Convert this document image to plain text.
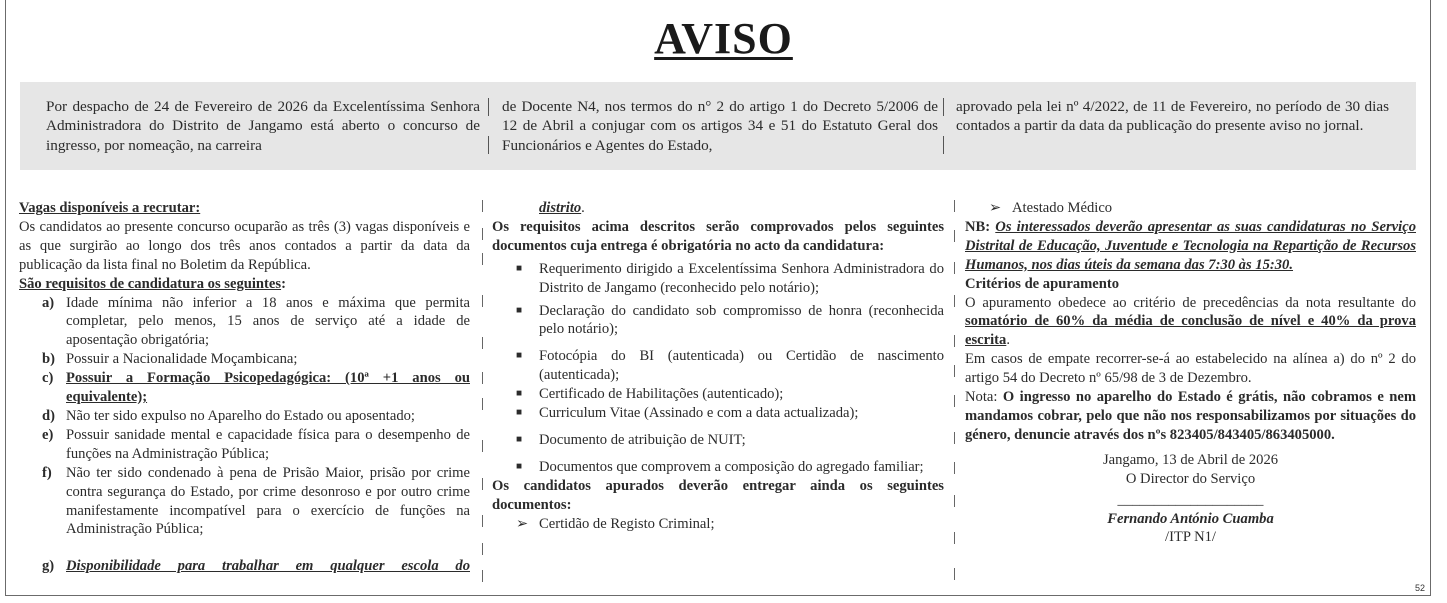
AVISO
Por despacho de 24 de Fevereiro de 2026 da Excelentíssima Senhora Administradora do Distrito de Jangamo está aberto o concurso de ingresso, por nomeação, na carreira
de Docente N4, nos termos do n° 2 do artigo 1 do Decreto 5/2006 de 12 de Abril a conjugar com os artigos 34 e 51 do Estatuto Geral dos Funcionários e Agentes do Estado,
aprovado pela lei nº 4/2022, de 11 de Fevereiro, no período de 30 dias contados a partir da data da publicação do presente aviso no jornal.
Vagas disponíveis a recrutar:
Os candidatos ao presente concurso ocuparão as três (3) vagas disponíveis e as que surgirão ao longo dos três anos contados a partir da data da publicação da lista final no Boletim da República.
São requisitos de candidatura os seguintes:
a) Idade mínima não inferior a 18 anos e máxima que permita completar, pelo menos, 15 anos de serviço até a idade de aposentação obrigatória;
b) Possuir a Nacionalidade Moçambicana;
c) Possuir a Formação Psicopedagógica: (10ª +1 anos ou equivalente);
d) Não ter sido expulso no Aparelho do Estado ou aposentado;
e) Possuir sanidade mental e capacidade física para o desempenho de funções na Administração Pública;
f) Não ter sido condenado à pena de Prisão Maior, prisão por crime contra segurança do Estado, por crime desonroso e por outro crime manifestamente incompatível para o exercício de funções na Administração Pública;
g) Disponibilidade para trabalhar em qualquer escola do
distrito.
Os requisitos acima descritos serão comprovados pelos seguintes documentos cuja entrega é obrigatória no acto da candidatura:
■ Requerimento dirigido a Excelentíssima Senhora Administradora do Distrito de Jangamo (reconhecido pelo notário);
■ Declaração do candidato sob compromisso de honra (reconhecida pelo notário);
■ Fotocópia do BI (autenticada) ou Certidão de nascimento (autenticada);
■ Certificado de Habilitações (autenticado);
■ Curriculum Vitae (Assinado e com a data actualizada);
■ Documento de atribuição de NUIT;
■ Documentos que comprovem a composição do agregado familiar;
Os candidatos apurados deverão entregar ainda os seguintes documentos:
➢ Certidão de Registo Criminal;
➢ Atestado Médico
NB: Os interessados deverão apresentar as suas candidaturas no Serviço Distrital de Educação, Juventude e Tecnologia na Repartição de Recursos Humanos, nos dias úteis da semana das 7:30 às 15:30.
Critérios de apuramento
O apuramento obedece ao critério de precedências da nota resultante do somatório de 60% da média de conclusão de nível e 40% da prova escrita.
Em casos de empate recorrer-se-á ao estabelecido na alínea a) do nº 2 do artigo 54 do Decreto nº 65/98 de 3 de Dezembro.
Nota: O ingresso no aparelho do Estado é grátis, não cobramos e nem mandamos cobrar, pelo que não nos responsabilizamos por situações do género, denuncie através dos nºs 823405/843405/863405000.
Jangamo, 13 de Abril de 2026
O Director do Serviço
____________________
Fernando António Cuamba
/ITP N1/
52
